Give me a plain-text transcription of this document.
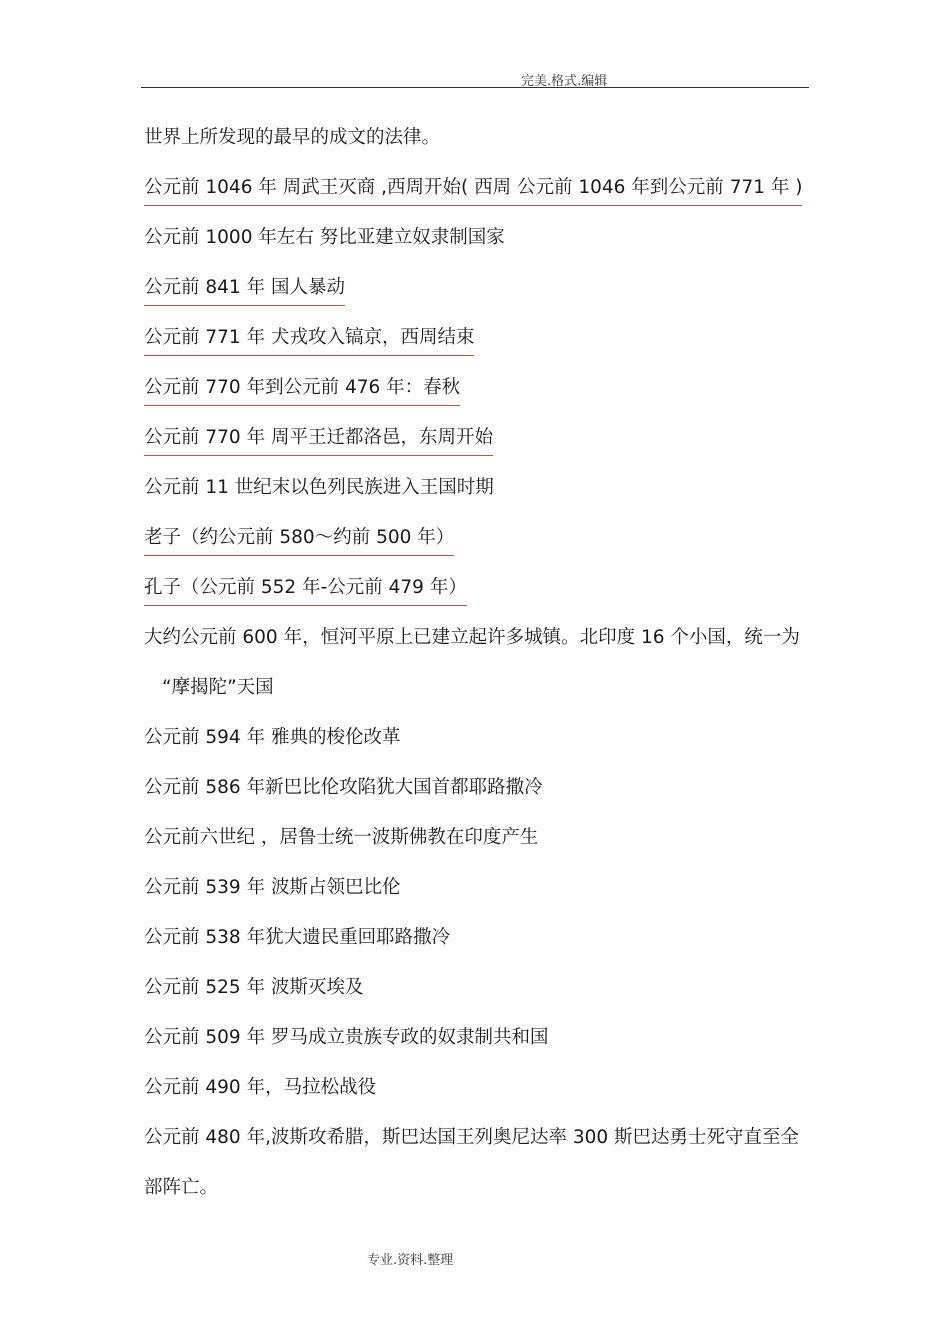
完美.格式.编辑
世界上所发现的最早的成文的法律。
公元前 1046 年 周武王灭商 ,西周开始( 西周 公元前 1046 年到公元前 771 年 )
公元前 1000 年左右 努比亚建立奴隶制国家
公元前 841 年 国人暴动
公元前 771 年 犬戎攻入镐京，西周结束
公元前 770 年到公元前 476 年：春秋
公元前 770 年 周平王迁都洛邑，东周开始
公元前 11 世纪末以色列民族进入王国时期
老子（约公元前 580～约前 500 年）
孔子（公元前 552 年-公元前 479 年）
大约公元前 600 年，恒河平原上已建立起许多城镇。北印度 16 个小国，统一为
“摩揭陀”天国
公元前 594 年 雅典的梭伦改革
公元前 586 年新巴比伦攻陷犹大国首都耶路撒冷
公元前六世纪 ，居鲁士统一波斯佛教在印度产生
公元前 539 年 波斯占领巴比伦
公元前 538 年犹大遗民重回耶路撒冷
公元前 525 年 波斯灭埃及
公元前 509 年 罗马成立贵族专政的奴隶制共和国
公元前 490 年，马拉松战役
公元前 480 年,波斯攻希腊，斯巴达国王列奥尼达率 300 斯巴达勇士死守直至全
部阵亡。
专业.资料.整理
